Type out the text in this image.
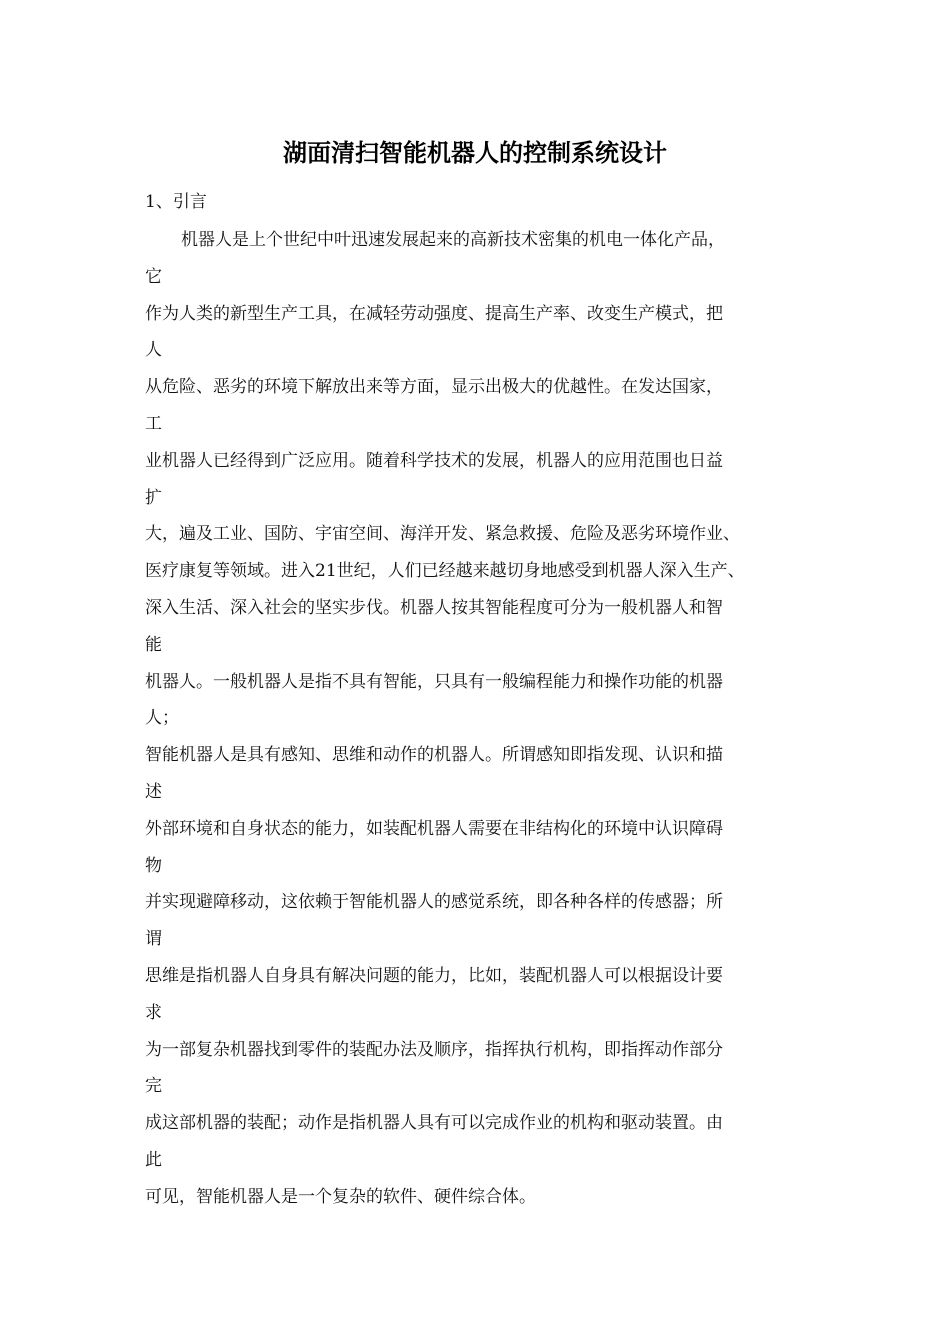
湖面清扫智能机器人的控制系统设计

1、引言

机器人是上个世纪中叶迅速发展起来的高新技术密集的机电一体化产品，
它
作为人类的新型生产工具，在减轻劳动强度、提高生产率、改变生产模式，把
人
从危险、恶劣的环境下解放出来等方面，显示出极大的优越性。在发达国家，
工
业机器人已经得到广泛应用。随着科学技术的发展，机器人的应用范围也日益
扩
大，遍及工业、国防、宇宙空间、海洋开发、紧急救援、危险及恶劣环境作业、
医疗康复等领域。进入21世纪，人们已经越来越切身地感受到机器人深入生产、
深入生活、深入社会的坚实步伐。机器人按其智能程度可分为一般机器人和智
能
机器人。一般机器人是指不具有智能，只具有一般编程能力和操作功能的机器
人；
智能机器人是具有感知、思维和动作的机器人。所谓感知即指发现、认识和描
述
外部环境和自身状态的能力，如装配机器人需要在非结构化的环境中认识障碍
物
并实现避障移动，这依赖于智能机器人的感觉系统，即各种各样的传感器；所
谓
思维是指机器人自身具有解决问题的能力，比如，装配机器人可以根据设计要
求
为一部复杂机器找到零件的装配办法及顺序，指挥执行机构，即指挥动作部分
完
成这部机器的装配；动作是指机器人具有可以完成作业的机构和驱动装置。由
此
可见，智能机器人是一个复杂的软件、硬件综合体。
